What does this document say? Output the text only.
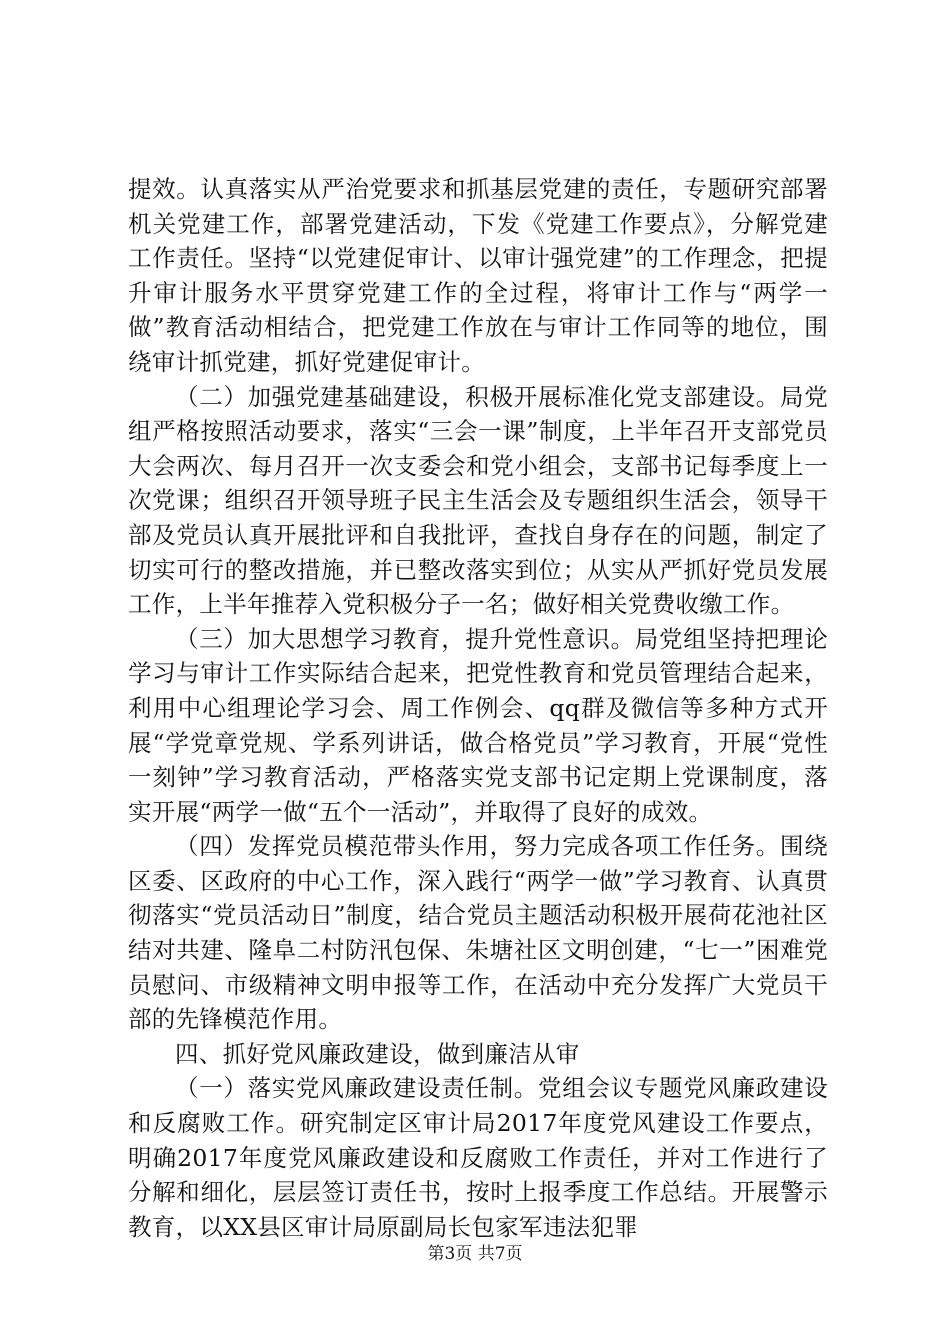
提效。认真落实从严治党要求和抓基层党建的责任，专题研究部署机关党建工作，部署党建活动，下发《党建工作要点》，分解党建工作责任。坚持“以党建促审计、以审计强党建”的工作理念，把提升审计服务水平贯穿党建工作的全过程，将审计工作与“两学一做”教育活动相结合，把党建工作放在与审计工作同等的地位，围绕审计抓党建，抓好党建促审计。

（二）加强党建基础建设，积极开展标准化党支部建设。局党组严格按照活动要求，落实“三会一课”制度，上半年召开支部党员大会两次、每月召开一次支委会和党小组会，支部书记每季度上一次党课；组织召开领导班子民主生活会及专题组织生活会，领导干部及党员认真开展批评和自我批评，查找自身存在的问题，制定了切实可行的整改措施，并已整改落实到位；从实从严抓好党员发展工作，上半年推荐入党积极分子一名；做好相关党费收缴工作。

（三）加大思想学习教育，提升党性意识。局党组坚持把理论学习与审计工作实际结合起来，把党性教育和党员管理结合起来，利用中心组理论学习会、周工作例会、qq群及微信等多种方式开展“学党章党规、学系列讲话，做合格党员”学习教育，开展“党性一刻钟”学习教育活动，严格落实党支部书记定期上党课制度，落实开展“两学一做“五个一活动”，并取得了良好的成效。

（四）发挥党员模范带头作用，努力完成各项工作任务。围绕区委、区政府的中心工作，深入践行“两学一做”学习教育、认真贯彻落实“党员活动日”制度，结合党员主题活动积极开展荷花池社区结对共建、隆阜二村防汛包保、朱塘社区文明创建，“七一”困难党员慰问、市级精神文明申报等工作，在活动中充分发挥广大党员干部的先锋模范作用。

四、抓好党风廉政建设，做到廉洁从审

（一）落实党风廉政建设责任制。党组会议专题党风廉政建设和反腐败工作。研究制定区审计局2017年度党风建设工作要点，明确2017年度党风廉政建设和反腐败工作责任，并对工作进行了分解和细化，层层签订责任书，按时上报季度工作总结。开展警示教育，以XX县区审计局原副局长包家军违法犯罪

第3页 共7页
